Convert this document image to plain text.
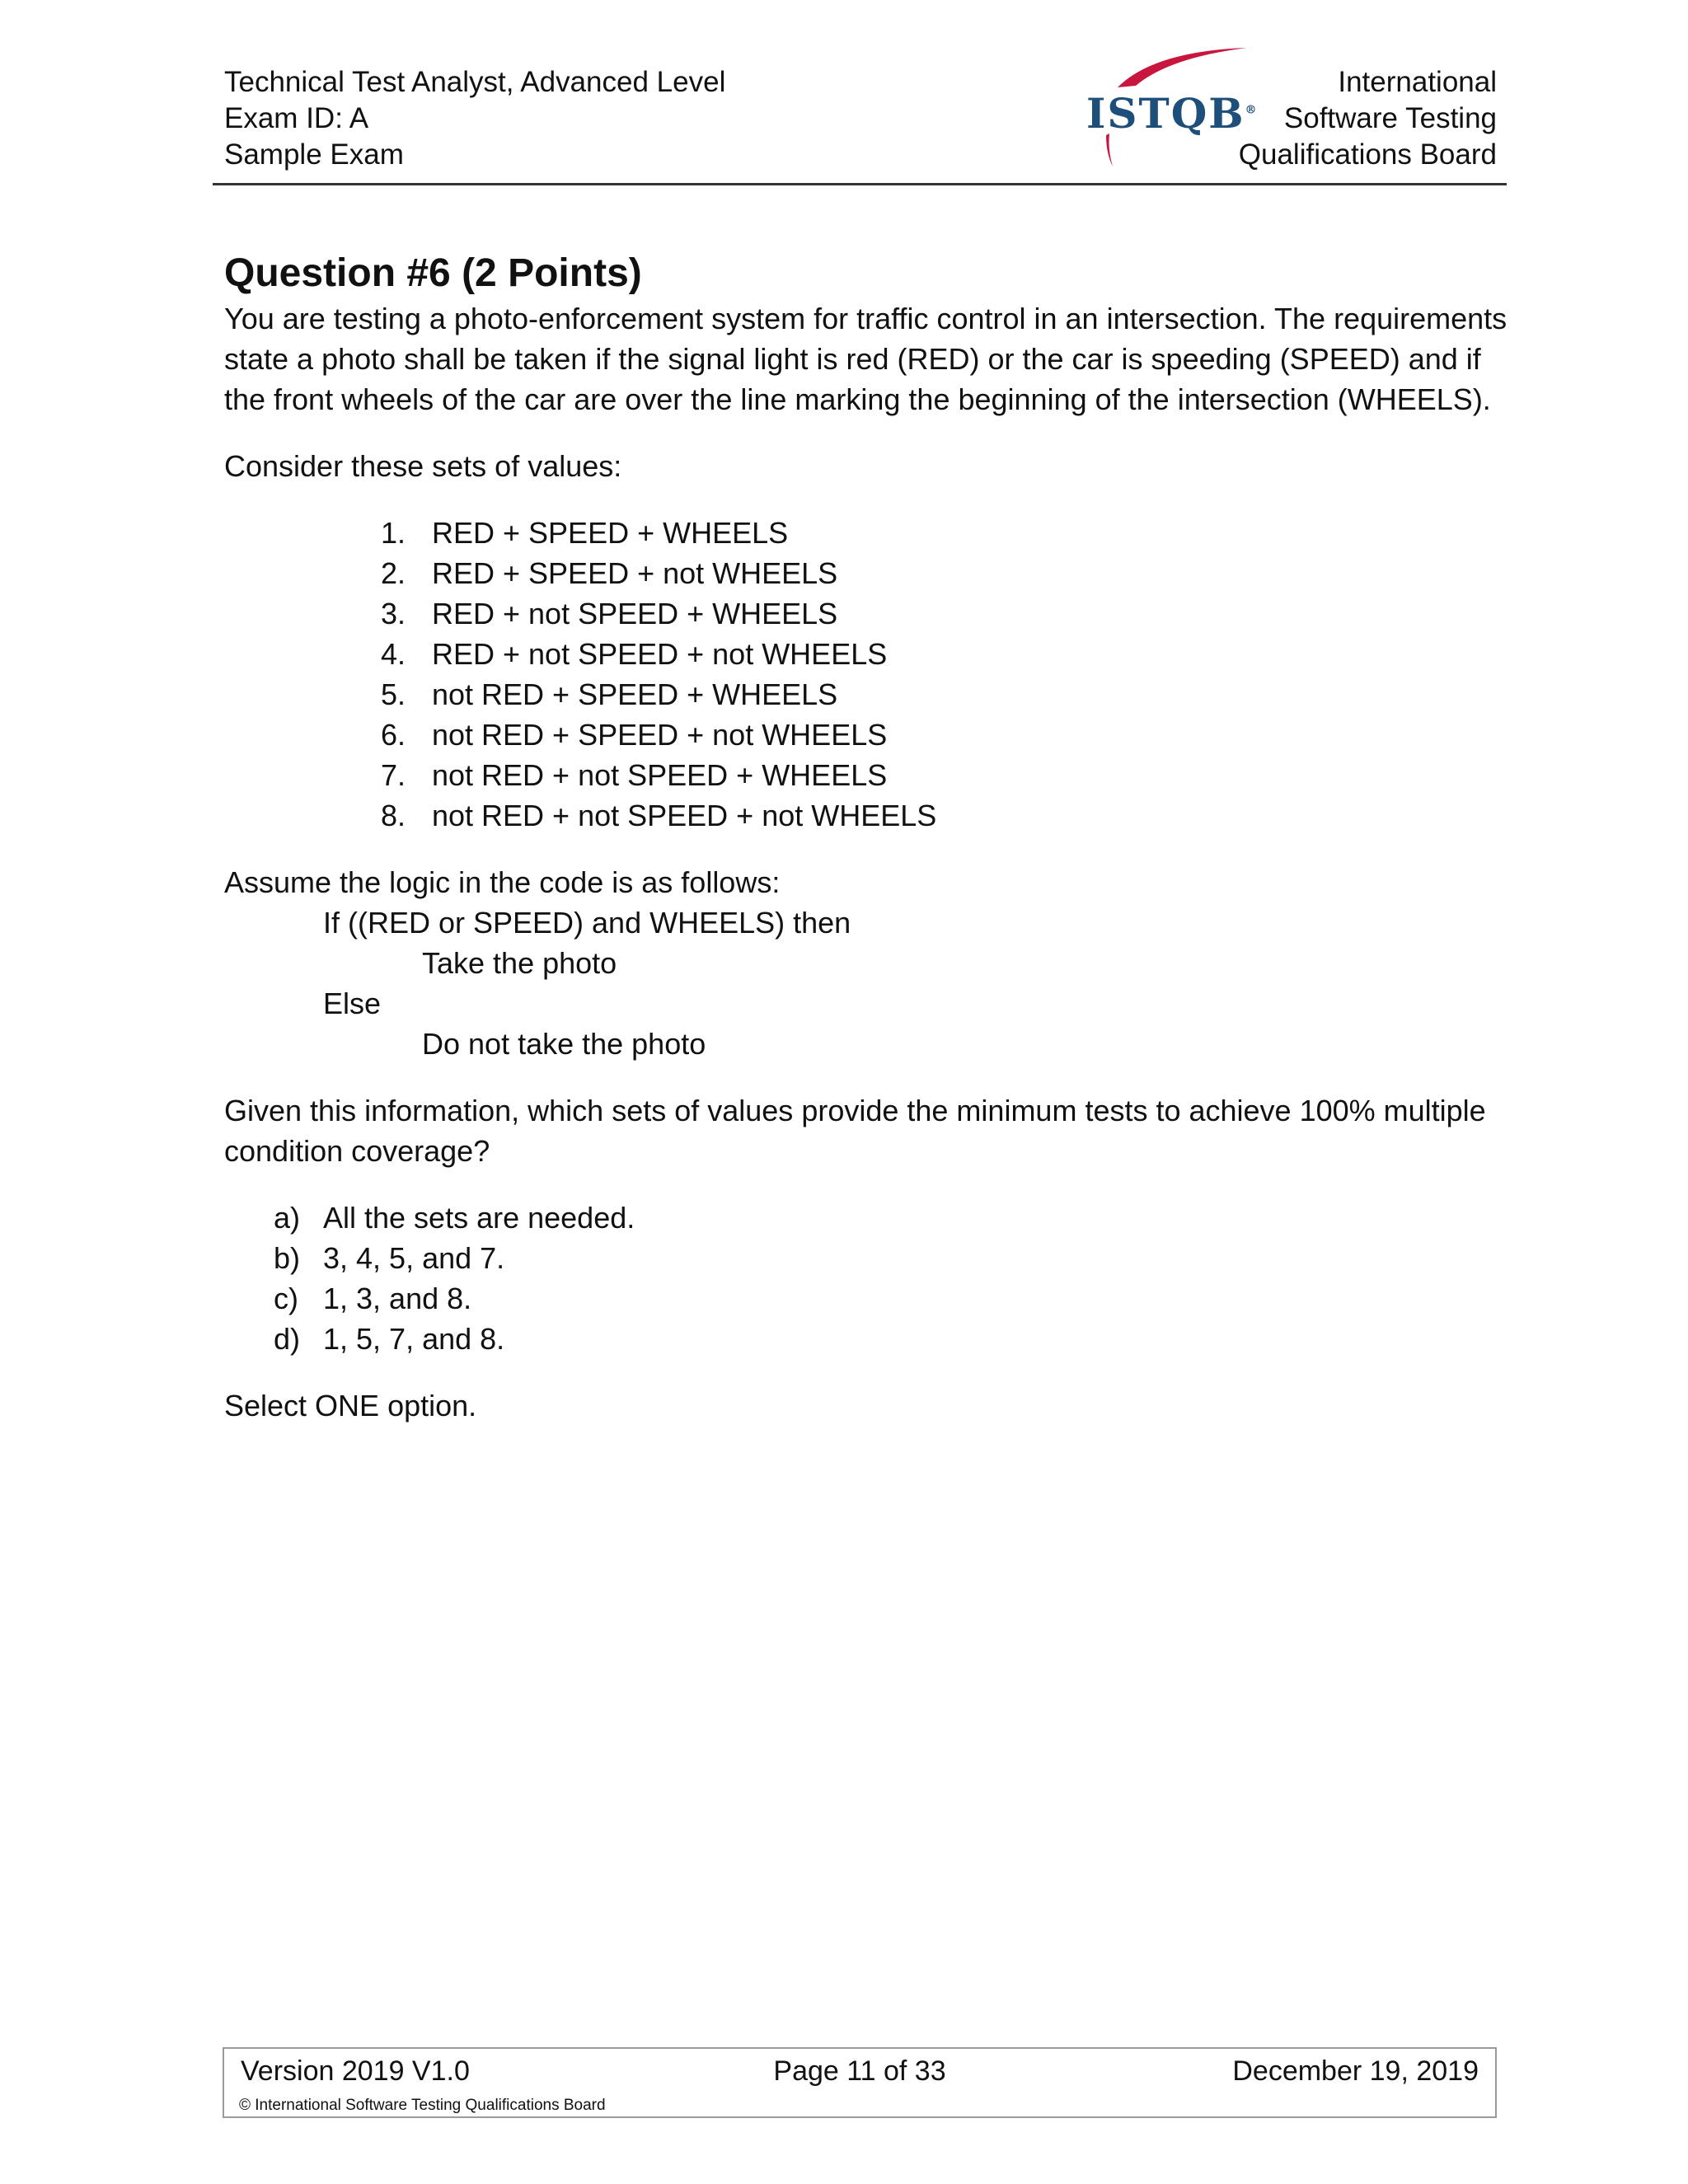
Technical Test Analyst, Advanced Level
Exam ID: A
Sample Exam
ISTQB®
International
Software Testing
Qualifications Board
Question #6 (2 Points)

You are testing a photo-enforcement system for traffic control in an intersection. The requirements state a photo shall be taken if the signal light is red (RED) or the car is speeding (SPEED) and if the front wheels of the car are over the line marking the beginning of the intersection (WHEELS).

Consider these sets of values:

1. RED + SPEED + WHEELS
2. RED + SPEED + not WHEELS
3. RED + not SPEED + WHEELS
4. RED + not SPEED + not WHEELS
5. not RED + SPEED + WHEELS
6. not RED + SPEED + not WHEELS
7. not RED + not SPEED + WHEELS
8. not RED + not SPEED + not WHEELS

Assume the logic in the code is as follows:

If ((RED or SPEED) and WHEELS) then
Take the photo
Else
Do not take the photo

Given this information, which sets of values provide the minimum tests to achieve 100% multiple condition coverage?

a) All the sets are needed.
b) 3, 4, 5, and 7.
c) 1, 3, and 8.
d) 1, 5, 7, and 8.

Select ONE option.

Version 2019 V1.0	Page 11 of 33	December 19, 2019
© International Software Testing Qualifications Board
